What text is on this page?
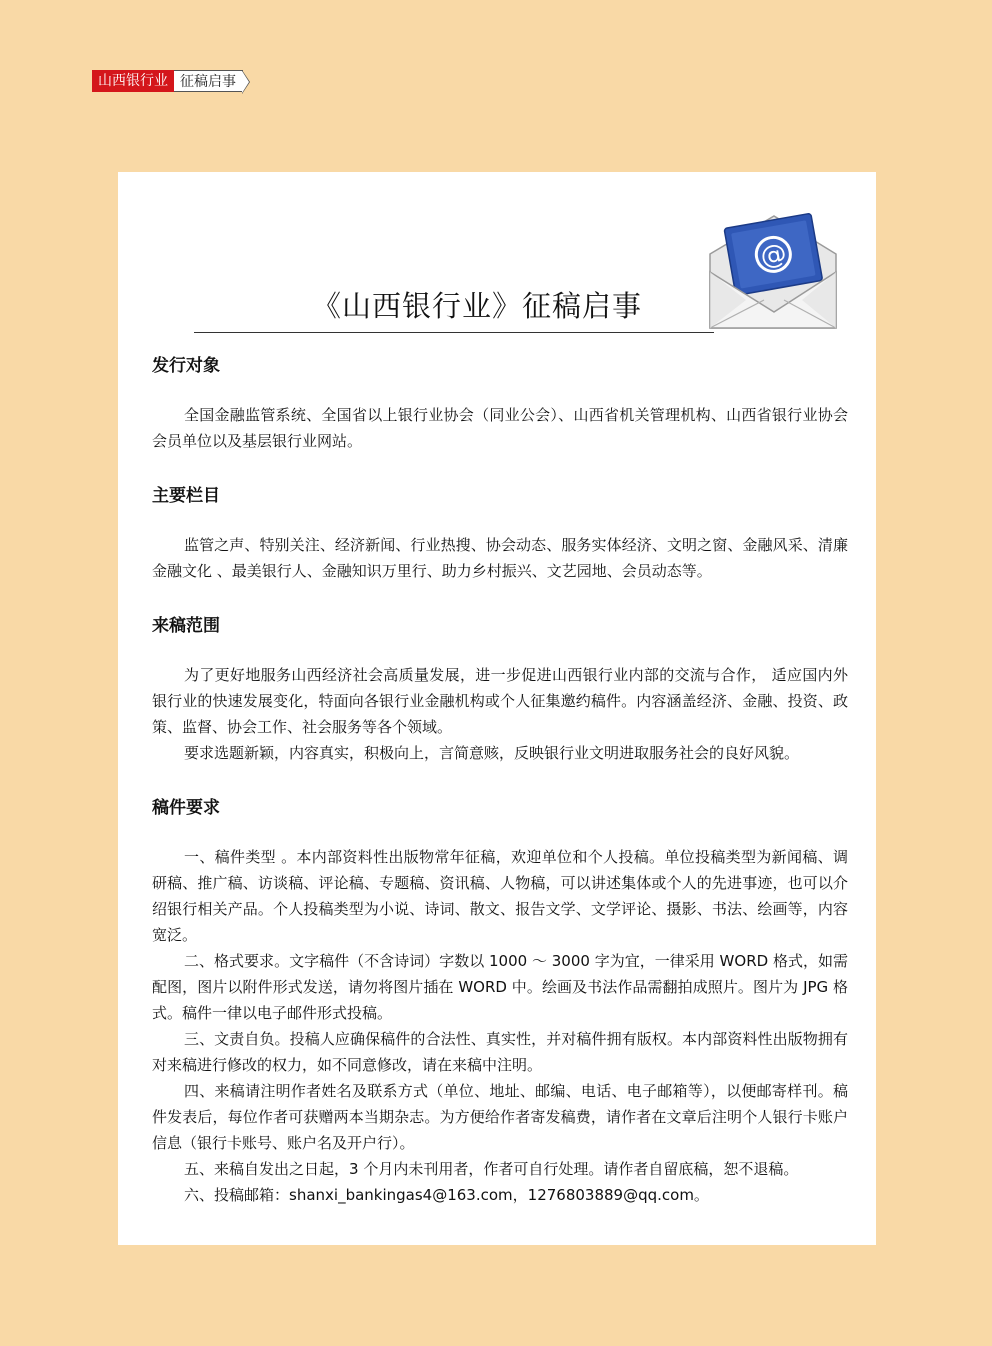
山西银行业 征稿启事
《山西银行业》征稿启事
@
发行对象

全国金融监管系统、全国省以上银行业协会（同业公会）、山西省机关管理机构、山西省银行业协会会员单位以及基层银行业网站。

主要栏目

监管之声、特别关注、经济新闻、行业热搜、协会动态、服务实体经济、文明之窗、金融风采、清廉金融文化 、最美银行人、金融知识万里行、助力乡村振兴、文艺园地、会员动态等。

来稿范围

为了更好地服务山西经济社会高质量发展，进一步促进山西银行业内部的交流与合作， 适应国内外银行业的快速发展变化，特面向各银行业金融机构或个人征集邀约稿件。内容涵盖经济、金融、投资、政策、监督、协会工作、社会服务等各个领域。

要求选题新颖，内容真实，积极向上，言简意赅，反映银行业文明进取服务社会的良好风貌。

稿件要求

一、稿件类型 。本内部资料性出版物常年征稿，欢迎单位和个人投稿。单位投稿类型为新闻稿、调研稿、推广稿、访谈稿、评论稿、专题稿、资讯稿、人物稿，可以讲述集体或个人的先进事迹，也可以介绍银行相关产品。个人投稿类型为小说、诗词、散文、报告文学、文学评论、摄影、书法、绘画等，内容宽泛。

二、格式要求。文字稿件（不含诗词）字数以 1000 ～ 3000 字为宜，一律采用 WORD 格式，如需配图，图片以附件形式发送，请勿将图片插在 WORD 中。绘画及书法作品需翻拍成照片。图片为 JPG 格式。稿件一律以电子邮件形式投稿。

三、文责自负。投稿人应确保稿件的合法性、真实性，并对稿件拥有版权。本内部资料性出版物拥有对来稿进行修改的权力，如不同意修改，请在来稿中注明。

四、来稿请注明作者姓名及联系方式（单位、地址、邮编、电话、电子邮箱等），以便邮寄样刊。稿件发表后，每位作者可获赠两本当期杂志。为方便给作者寄发稿费，请作者在文章后注明个人银行卡账户信息（银行卡账号、账户名及开户行）。

五、来稿自发出之日起，3 个月内未刊用者，作者可自行处理。请作者自留底稿，恕不退稿。

六、投稿邮箱：shanxi_bankingas4@163.com，1276803889@qq.com。
